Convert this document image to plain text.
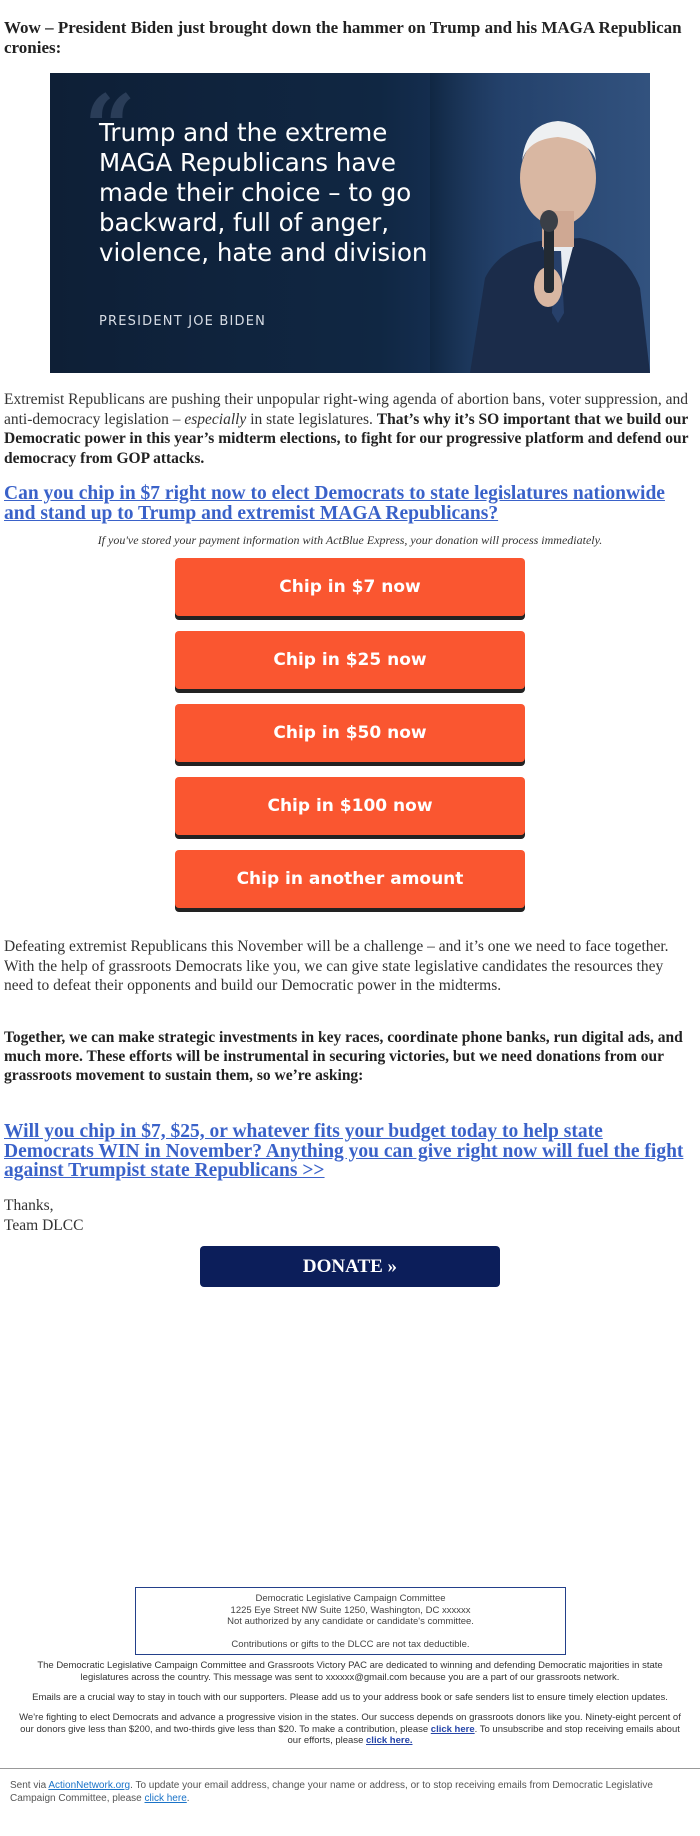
Wow – President Biden just brought down the hammer on Trump and his MAGA Republican cronies:
“
Trump and the extreme MAGA Republicans have made their choice – to go backward, full of anger, violence, hate and division
PRESIDENT JOE BIDEN
Extremist Republicans are pushing their unpopular right-wing agenda of abortion bans, voter suppression, and anti-democracy legislation – especially in state legislatures. That’s why it’s SO important that we build our Democratic power in this year’s midterm elections, to fight for our progressive platform and defend our democracy from GOP attacks.
Can you chip in $7 right now to elect Democrats to state legislatures nationwide and stand up to Trump and extremist MAGA Republicans?
If you've stored your payment information with ActBlue Express, your donation will process immediately.
Chip in $7 now
Chip in $25 now
Chip in $50 now
Chip in $100 now
Chip in another amount
Defeating extremist Republicans this November will be a challenge – and it’s one we need to face together. With the help of grassroots Democrats like you, we can give state legislative candidates the resources they need to defeat their opponents and build our Democratic power in the midterms.
Together, we can make strategic investments in key races, coordinate phone banks, run digital ads, and much more. These efforts will be instrumental in securing victories, but we need donations from our grassroots movement to sustain them, so we’re asking:
Will you chip in $7, $25, or whatever fits your budget today to help state Democrats WIN in November? Anything you can give right now will fuel the fight against Trumpist state Republicans >>
Thanks,
Team DLCC
DONATE »
Democratic Legislative Campaign Committee
1225 Eye Street NW Suite 1250, Washington, DC xxxxxx
Not authorized by any candidate or candidate's committee.
Contributions or gifts to the DLCC are not tax deductible.
The Democratic Legislative Campaign Committee and Grassroots Victory PAC are dedicated to winning and defending Democratic majorities in state legislatures across the country. This message was sent to xxxxxx@gmail.com because you are a part of our grassroots network.
Emails are a crucial way to stay in touch with our supporters. Please add us to your address book or safe senders list to ensure timely election updates.
We're fighting to elect Democrats and advance a progressive vision in the states. Our success depends on grassroots donors like you. Ninety-eight percent of our donors give less than $200, and two-thirds give less than $20. To make a contribution, please click here. To unsubscribe and stop receiving emails about our efforts, please click here.
Sent via ActionNetwork.org. To update your email address, change your name or address, or to stop receiving emails from Democratic Legislative Campaign Committee, please click here.
